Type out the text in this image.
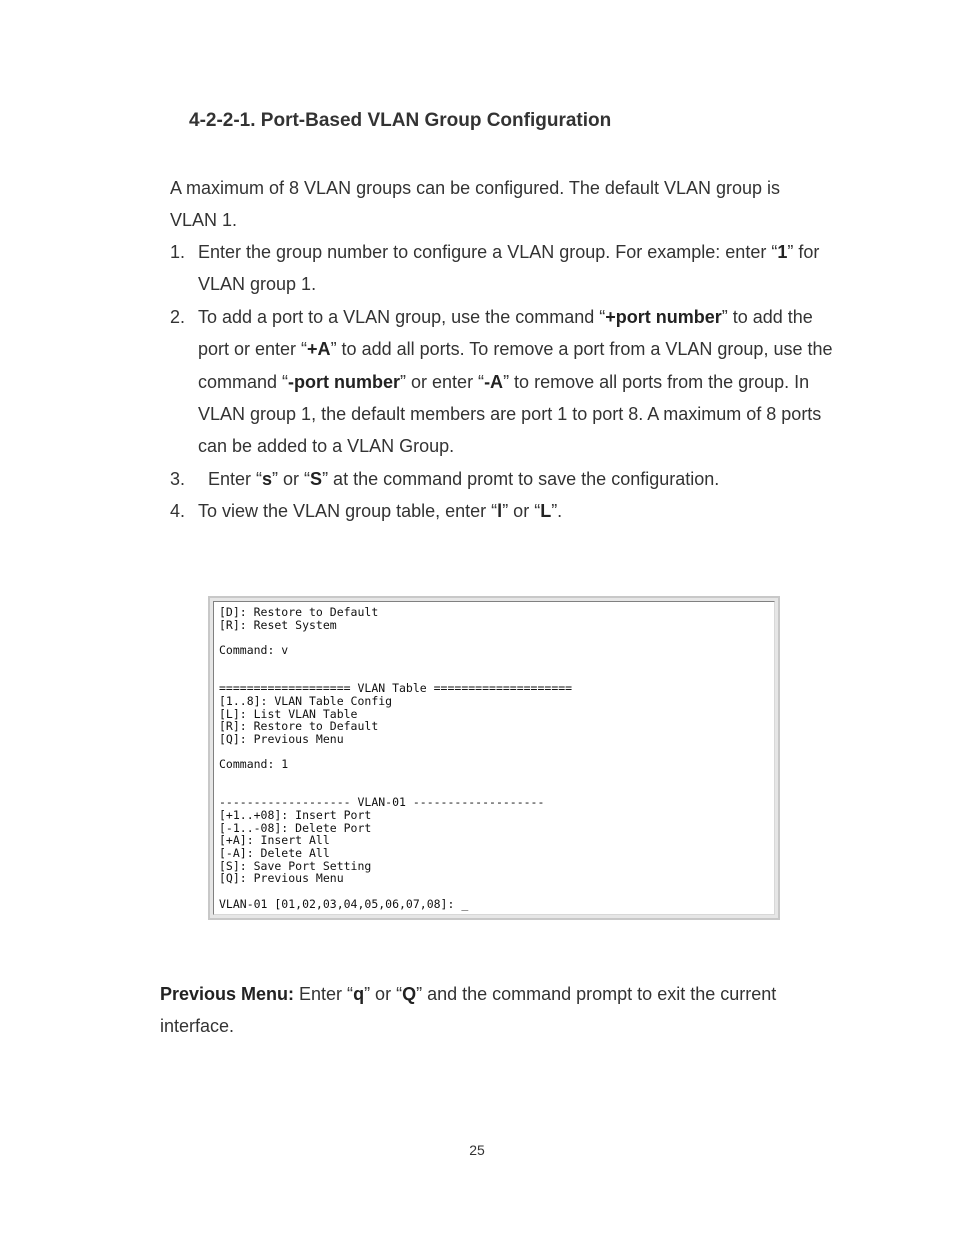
4-2-2-1. Port-Based VLAN Group Configuration
A maximum of 8 VLAN groups can be configured. The default VLAN group is
VLAN 1.
1. Enter the group number to configure a VLAN group. For example: enter “1” for VLAN group 1.
2. To add a port to a VLAN group, use the command “+port number” to add the port or enter “+A” to add all ports. To remove a port from a VLAN group, use the command “-port number” or enter “-A” to remove all ports from the group. In VLAN group 1, the default members are port 1 to port 8. A maximum of 8 ports can be added to a VLAN Group.
3. Enter “s” or “S” at the command promt to save the configuration.
4. To view the VLAN group table, enter “l” or “L”.
[D]: Restore to Default
[R]: Reset System
Command: v
=================== VLAN Table ====================
[1..8]: VLAN Table Config
[L]: List VLAN Table
[R]: Restore to Default
[Q]: Previous Menu
Command: 1
------------------- VLAN-01 -------------------
[+1..+08]: Insert Port
[-1..-08]: Delete Port
[+A]: Insert All
[-A]: Delete All
[S]: Save Port Setting
[Q]: Previous Menu
VLAN-01 [01,02,03,04,05,06,07,08]: _
Previous Menu: Enter “q” or “Q” and the command prompt to exit the current interface.
25
